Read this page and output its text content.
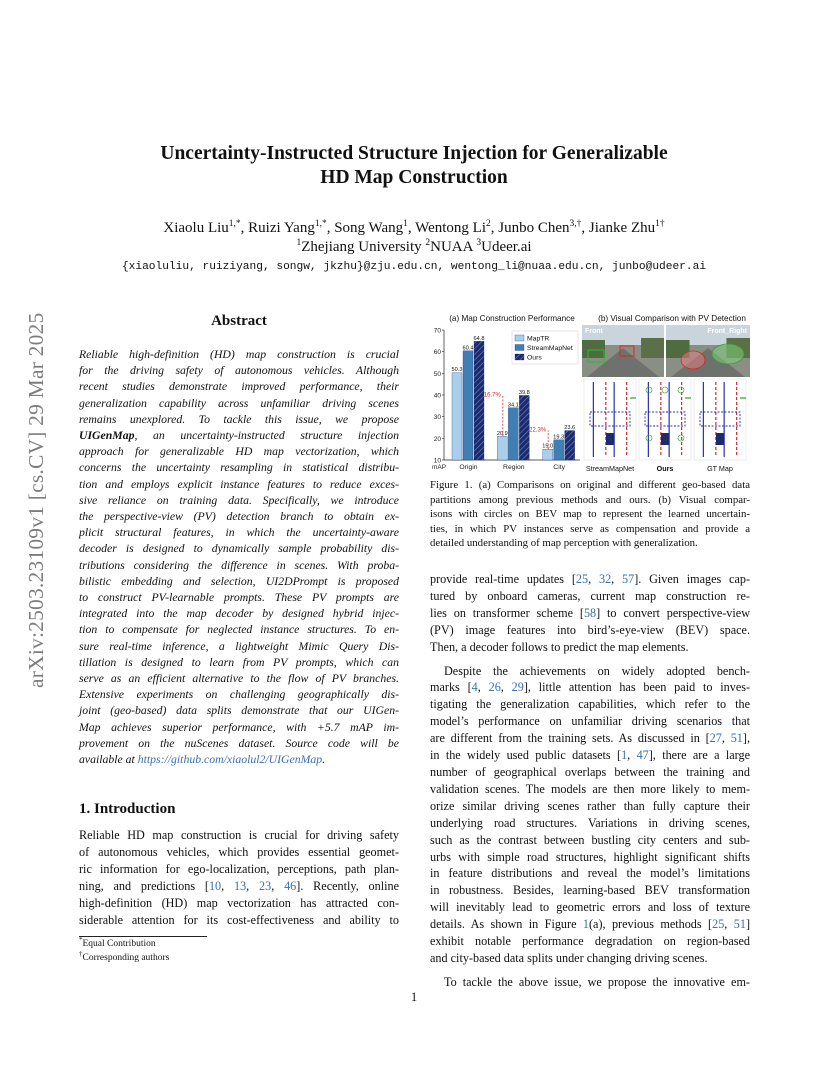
arXiv:2503.23109v1 [cs.CV] 29 Mar 2025
Uncertainty-Instructed Structure Injection for Generalizable
HD Map Construction
Xiaolu Liu$^{1,*}$, Ruizi Yang$^{1,*}$, Song Wang$^1$, Wentong Li$^2$, Junbo Chen$^{3,\dagger}$, Jianke Zhu$^{1\dagger}$
$^1$Zhejiang University $^2$NUAA $^3$Udeer.ai
{xiaoluliu, ruiziyang, songw, jkzhu}@zju.edu.cn, wentong_li@nuaa.edu.cn, junbo@udeer.ai
Abstract
Reliable high-definition (HD) map construction is crucial
for the driving safety of autonomous vehicles. Although
recent studies demonstrate improved performance, their
generalization capability across unfamiliar driving scenes
remains unexplored. To tackle this issue, we propose
UIGenMap, an uncertainty-instructed structure injection
approach for generalizable HD map vectorization, which
concerns the uncertainty resampling in statistical distribu-
tion and employs explicit instance features to reduce exces-
sive reliance on training data. Specifically, we introduce
the perspective-view (PV) detection branch to obtain ex-
plicit structural features, in which the uncertainty-aware
decoder is designed to dynamically sample probability dis-
tributions considering the difference in scenes. With proba-
bilistic embedding and selection, UI2DPrompt is proposed
to construct PV-learnable prompts. These PV prompts are
integrated into the map decoder by designed hybrid injec-
tion to compensate for neglected instance structures. To en-
sure real-time inference, a lightweight Mimic Query Dis-
tillation is designed to learn from PV prompts, which can
serve as an efficient alternative to the flow of PV branches.
Extensive experiments on challenging geographically dis-
joint (geo-based) data splits demonstrate that our UIGen-
Map achieves superior performance, with +5.7 mAP im-
provement on the nuScenes dataset. Source code will be
available at https://github.com/xiaolul2/UIGenMap.
1. Introduction
Reliable HD map construction is crucial for driving safety
of autonomous vehicles, which provides essential geomet-
ric information for ego-localization, perceptions, path plan-
ning, and predictions [10, 13, 23, 46]. Recently, online
high-definition (HD) map vectorization has attracted con-
siderable attention for its cost-effectiveness and ability to
*Equal Contribution
†Corresponding authors
(a) Map Construction Performance	(b) Visual Comparison with PV Detection
10
20
30
40
50
60
70
mAP
50.3
60.4
64.8
Origin
20.9
34.1
39.8
16.7%
Region
15.0
19.3
23.6
22.3%
City
MapTR
StreamMapNet
Ours
Front	Front_Right
StreamMapNet	Ours	GT Map
Figure 1. (a) Comparisons on original and different geo-based data
partitions among previous methods and ours. (b) Visual compar-
isons with circles on BEV map to represent the learned uncertain-
ties, in which PV instances serve as compensation and provide a
detailed understanding of map perception with generalization.
provide real-time updates [25, 32, 57]. Given images cap-
tured by onboard cameras, current map construction re-
lies on transformer scheme [58] to convert perspective-view
(PV) image features into bird’s-eye-view (BEV) space.
Then, a decoder follows to predict the map elements.
Despite the achievements on widely adopted bench-
marks [4, 26, 29], little attention has been paid to inves-
tigating the generalization capabilities, which refer to the
model’s performance on unfamiliar driving scenarios that
are different from the training sets. As discussed in [27, 51],
in the widely used public datasets [1, 47], there are a large
number of geographical overlaps between the training and
validation scenes. The models are then more likely to mem-
orize similar driving scenes rather than fully capture their
underlying road structures. Variations in driving scenes,
such as the contrast between bustling city centers and sub-
urbs with simple road structures, highlight significant shifts
in feature distributions and reveal the model’s limitations
in robustness. Besides, learning-based BEV transformation
will inevitably lead to geometric errors and loss of texture
details. As shown in Figure 1(a), previous methods [25, 51]
exhibit notable performance degradation on region-based
and city-based data splits under changing driving scenes.
To tackle the above issue, we propose the innovative em-
1
